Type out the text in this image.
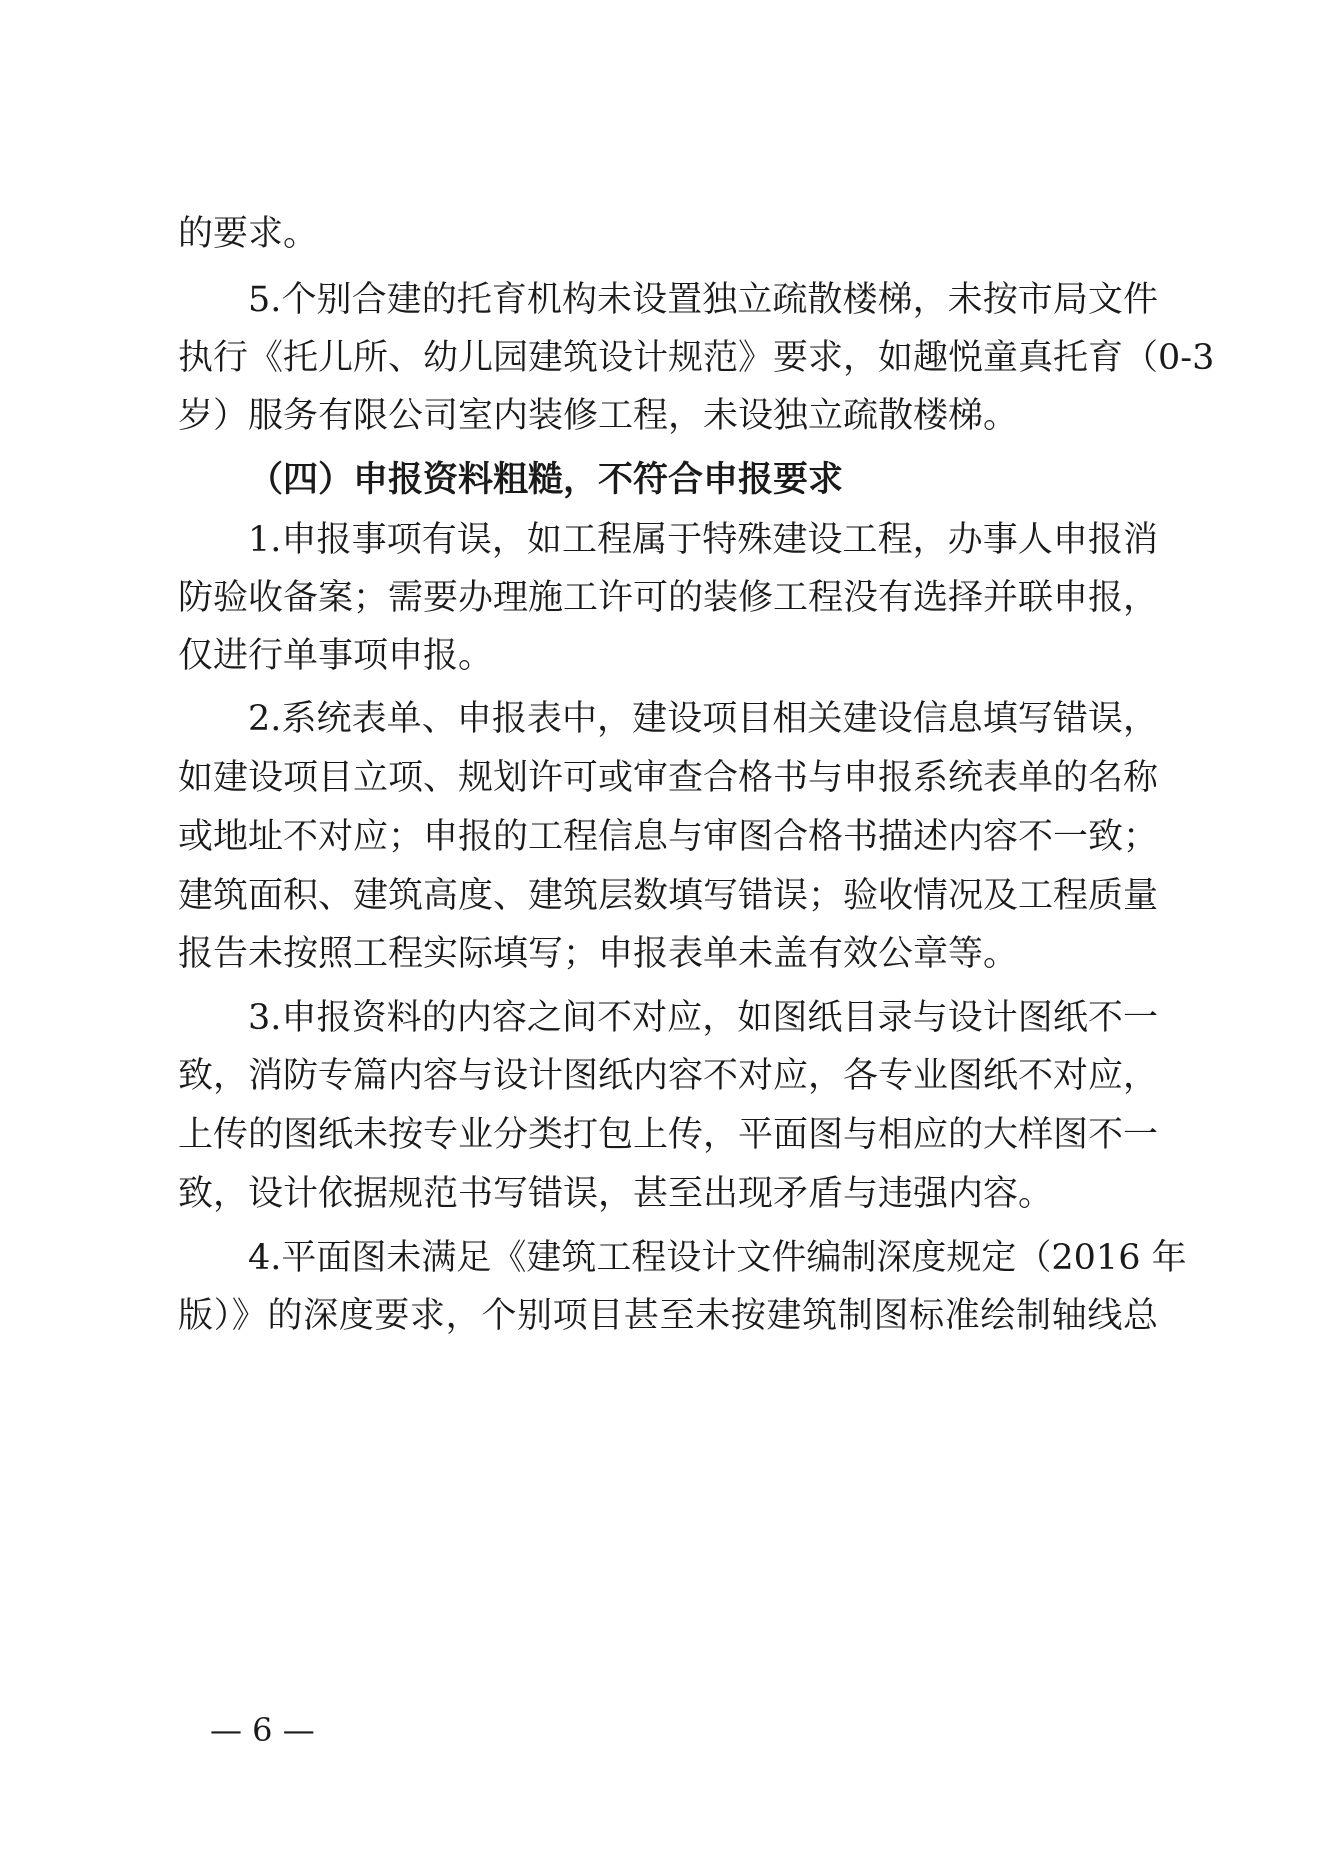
的要求。
5.个别合建的托育机构未设置独立疏散楼梯，未按市局文件
执行《托儿所、幼儿园建筑设计规范》要求，如趣悦童真托育（0-3
岁）服务有限公司室内装修工程，未设独立疏散楼梯。
（四）申报资料粗糙，不符合申报要求
1.申报事项有误，如工程属于特殊建设工程，办事人申报消
防验收备案；需要办理施工许可的装修工程没有选择并联申报，
仅进行单事项申报。
2.系统表单、申报表中，建设项目相关建设信息填写错误，
如建设项目立项、规划许可或审查合格书与申报系统表单的名称
或地址不对应；申报的工程信息与审图合格书描述内容不一致；
建筑面积、建筑高度、建筑层数填写错误；验收情况及工程质量
报告未按照工程实际填写；申报表单未盖有效公章等。
3.申报资料的内容之间不对应，如图纸目录与设计图纸不一
致，消防专篇内容与设计图纸内容不对应，各专业图纸不对应，
上传的图纸未按专业分类打包上传，平面图与相应的大样图不一
致，设计依据规范书写错误，甚至出现矛盾与违强内容。
4.平面图未满足《建筑工程设计文件编制深度规定（2016 年
版）》的深度要求，个别项目甚至未按建筑制图标准绘制轴线总
— 6 —
